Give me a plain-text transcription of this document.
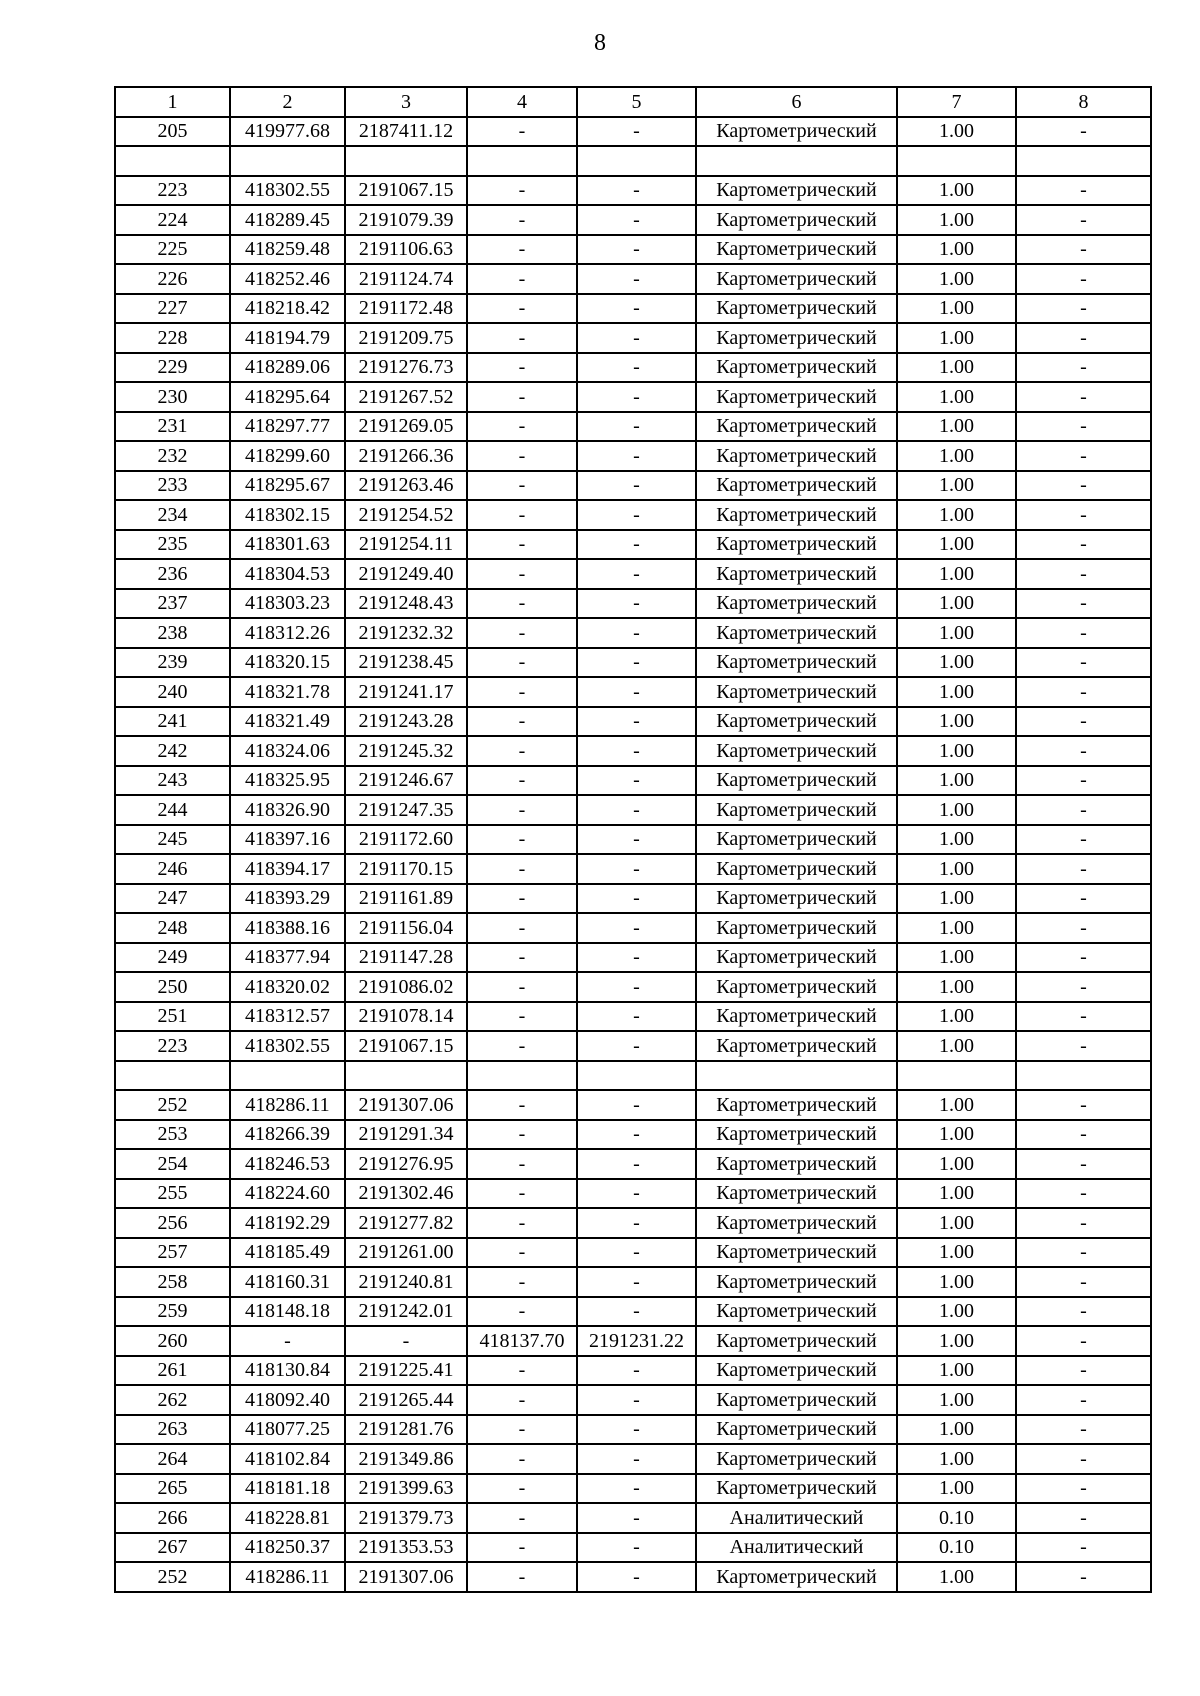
8
1	2	3	4	5	6	7	8
205	419977.68	2187411.12	-	-	Картометрический	1.00	-

223	418302.55	2191067.15	-	-	Картометрический	1.00	-
224	418289.45	2191079.39	-	-	Картометрический	1.00	-
225	418259.48	2191106.63	-	-	Картометрический	1.00	-
226	418252.46	2191124.74	-	-	Картометрический	1.00	-
227	418218.42	2191172.48	-	-	Картометрический	1.00	-
228	418194.79	2191209.75	-	-	Картометрический	1.00	-
229	418289.06	2191276.73	-	-	Картометрический	1.00	-
230	418295.64	2191267.52	-	-	Картометрический	1.00	-
231	418297.77	2191269.05	-	-	Картометрический	1.00	-
232	418299.60	2191266.36	-	-	Картометрический	1.00	-
233	418295.67	2191263.46	-	-	Картометрический	1.00	-
234	418302.15	2191254.52	-	-	Картометрический	1.00	-
235	418301.63	2191254.11	-	-	Картометрический	1.00	-
236	418304.53	2191249.40	-	-	Картометрический	1.00	-
237	418303.23	2191248.43	-	-	Картометрический	1.00	-
238	418312.26	2191232.32	-	-	Картометрический	1.00	-
239	418320.15	2191238.45	-	-	Картометрический	1.00	-
240	418321.78	2191241.17	-	-	Картометрический	1.00	-
241	418321.49	2191243.28	-	-	Картометрический	1.00	-
242	418324.06	2191245.32	-	-	Картометрический	1.00	-
243	418325.95	2191246.67	-	-	Картометрический	1.00	-
244	418326.90	2191247.35	-	-	Картометрический	1.00	-
245	418397.16	2191172.60	-	-	Картометрический	1.00	-
246	418394.17	2191170.15	-	-	Картометрический	1.00	-
247	418393.29	2191161.89	-	-	Картометрический	1.00	-
248	418388.16	2191156.04	-	-	Картометрический	1.00	-
249	418377.94	2191147.28	-	-	Картометрический	1.00	-
250	418320.02	2191086.02	-	-	Картометрический	1.00	-
251	418312.57	2191078.14	-	-	Картометрический	1.00	-
223	418302.55	2191067.15	-	-	Картометрический	1.00	-

252	418286.11	2191307.06	-	-	Картометрический	1.00	-
253	418266.39	2191291.34	-	-	Картометрический	1.00	-
254	418246.53	2191276.95	-	-	Картометрический	1.00	-
255	418224.60	2191302.46	-	-	Картометрический	1.00	-
256	418192.29	2191277.82	-	-	Картометрический	1.00	-
257	418185.49	2191261.00	-	-	Картометрический	1.00	-
258	418160.31	2191240.81	-	-	Картометрический	1.00	-
259	418148.18	2191242.01	-	-	Картометрический	1.00	-
260	-	-	418137.70	2191231.22	Картометрический	1.00	-
261	418130.84	2191225.41	-	-	Картометрический	1.00	-
262	418092.40	2191265.44	-	-	Картометрический	1.00	-
263	418077.25	2191281.76	-	-	Картометрический	1.00	-
264	418102.84	2191349.86	-	-	Картометрический	1.00	-
265	418181.18	2191399.63	-	-	Картометрический	1.00	-
266	418228.81	2191379.73	-	-	Аналитический	0.10	-
267	418250.37	2191353.53	-	-	Аналитический	0.10	-
252	418286.11	2191307.06	-	-	Картометрический	1.00	-
